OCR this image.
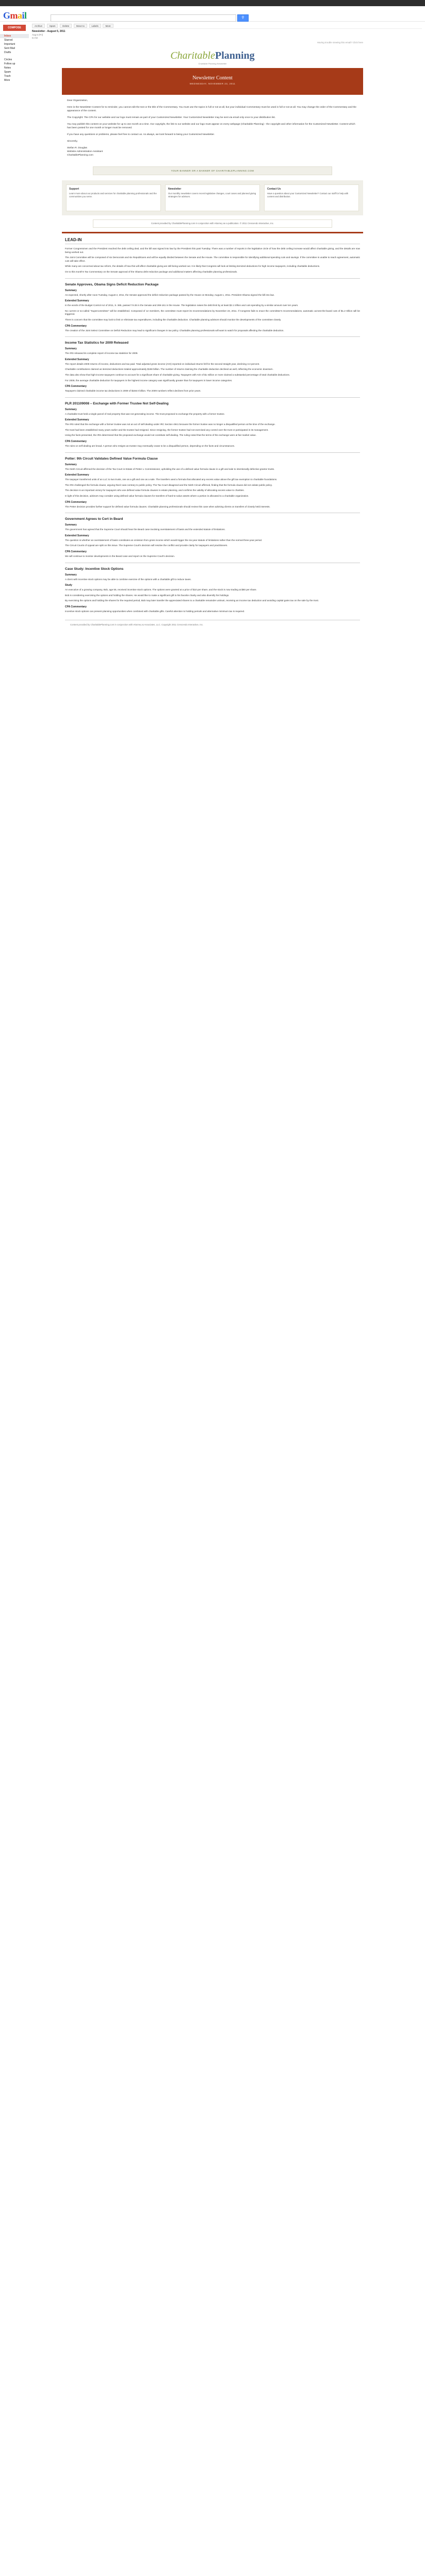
Gmail	⚲
COMPOSE
Inbox
Starred
Important
Sent Mail
Drafts
Circles
Follow up
Notes
Spam
Trash
More
Archive	Spam	Delete	Move to	Labels	More
Newsletter - August 5, 2011
Aug 5 (Fri)
to me
Having trouble viewing this email? Click here
CharitablePlanning
Charitable Planning Newsletter
Newsletter Content
WEDNESDAY, NOVEMBER 23, 2011

Dear Organization,

Here is the Newsletter Content for to reminder, you cannot edit the text or the title of the Commentary. You must use the topics in full or not at all, but your individual Commentary must be used in full or not at all. You may change the order of the Commentary and the appearance of the content.

The Copyright: The CPA for our website and our logo must remain as part of your Customized Newsletter. Your Customized Newsletter may be sent via email only once to your distribution list.

You may publish this content on your website for up to one month at a time. Our copyright, the link to our website and our logo must appear on every webpage (Charitable Planning) - the copyright and other information for the Customized Newsletter. Content which has been posted for one month or longer must be removed.

If you have any questions or problems, please feel free to contact us. As always, we look forward to being your Customized Newsletter.

Sincerely,

Stefan R. Douglas
Website Administration Assistant
CharitablePlanning.com
YOUR BANNER OR A BANNER OF CHARITABLEPLANNING.COM
Support
Learn more about our products and services for charitable planning professionals and the communities you serve.
Newsletter
Our monthly newsletter covers recent legislative changes, court cases and planned giving strategies for advisors.
Contact Us
Have a question about your Customized Newsletter? Contact our staff for help with content and distribution.
Content provided by CharitablePlanning.com in conjunction with Attorney as a publication. © 2011 Crescendo Interactive, Inc.
LEAD-IN
Former Congressmen and the President reached the debt ceiling deal, and the bill was signed into law by the President this past Tuesday. There was a number of reports in the legislative circle of how the debt ceiling increase would affect charitable giving, and the details are now being worked out.
The Joint Committee will be composed of six Democrats and six Republicans and will be equally divided between the Senate and the House. The committee is responsible for identifying additional spending cuts and savings. If the committee is unable to reach agreement, automatic cuts will take effect.
While many are concerned about tax reform, the details of how this will affect charitable giving are still being worked out. It is likely that Congress will look at limiting itemized deductions for high income taxpayers, including charitable deductions.
On to this month's Tax Commentary on the Senate approval of the Obama debt reduction package and additional matters affecting charitable planning professionals.
Senate Approves, Obama Signs Deficit Reduction Package
Summary
As expected, shortly after noon Tuesday, August 2, 2011, the Senate approved the deficit reduction package passed by the House on Monday, August 1, 2011. President Obama signed the bill into law.
Extended Summary
In the words of the Budget Control Act of 2011, S. 365, passed 74-26 in the Senate and 269-161 in the House. The legislation raises the debt limit by at least $2.1 trillion and cuts spending by a similar amount over ten years.
No current or so-called "Supercommittee" will be established. Composed of 12 members, the committee must report its recommendations by November 23, 2011. If Congress fails to enact the committee's recommendations, automatic across-the-board cuts of $1.2 trillion will be triggered.
There is concern that the committee may look to limit or eliminate tax expenditures, including the charitable deduction. Charitable planning advisors should monitor the developments of the committee closely.
CPA Commentary
The creation of the Joint Select Committee on Deficit Reduction may lead to significant changes in tax policy. Charitable planning professionals will want to watch for proposals affecting the charitable deduction.
Income Tax Statistics for 2009 Released
Summary
The IRS released its complete report of income tax statistics for 2009.
Extended Summary
The report details 2009 returns of income, deductions and tax paid. Total adjusted gross income (AGI) reported on individual returns fell for the second straight year, declining 3.3 percent.
Charitable contributions claimed as itemized deductions totaled approximately $158 billion. The number of returns claiming the charitable deduction declined as well, reflecting the economic downturn.
The data also show that high-income taxpayers continue to account for a significant share of charitable giving. Taxpayers with AGI of $1 million or more claimed a substantial percentage of total charitable deductions.
For 2009, the average charitable deduction for taxpayers in the highest income category was significantly greater than for taxpayers in lower income categories.
CPA Commentary
Taxpayers claimed charitable income tax deductions in 2009 of $158.0 billion. The 2009 numbers reflect declines from prior years.
PLR 201109008 – Exchange with Former Trustee Not Self-Dealing
Summary
A charitable trust held a single parcel of real property that was not generating income. The trust proposed to exchange the property with a former trustee.
Extended Summary
The IRS ruled that the exchange with a former trustee was not an act of self-dealing under IRC Section 4941 because the former trustee was no longer a disqualified person at the time of the exchange.
The trust had been established many years earlier and the trustee had resigned. Since resigning, the former trustee had not exercised any control over the trust or participated in its management.
Using the facts presented, the IRS determined that the proposed exchange would not constitute self-dealing. The ruling noted that the terms of the exchange were at fair market value.
CPA Commentary
The rules on self-dealing are broad. A person who resigns as trustee may eventually cease to be a disqualified person, depending on the facts and circumstances.
Potter: 9th Circuit Validates Defined Value Formula Clause
Summary
The Ninth Circuit affirmed the decision of the Tax Court in Estate of Petter v. Commissioner, upholding the use of a defined value formula clause in a gift and sale to intentionally defective grantor trusts.
Extended Summary
The taxpayer transferred units of an LLC to two trusts, one as a gift and one as a sale. The transfers used a formula that allocated any excess value above the gift tax exemption to charitable foundations.
The IRS challenged the formula clause, arguing that it was contrary to public policy. The Tax Court disagreed and the Ninth Circuit affirmed, finding that the formula clause did not violate public policy.
The decision is an important victory for taxpayers who use defined value formula clauses in estate planning, and confirms the validity of allocating excess value to charities.
In light of this decision, advisors may consider using defined value formula clauses for transfers of hard-to-value assets where a portion is allocated to a charitable organization.
CPA Commentary
The Petter decision provides further support for defined value formula clauses. Charitable planning professionals should review this case when advising clients on transfers of closely held interests.
Government Agrees to Cert in Beard
Summary
The government has agreed that the Supreme Court should hear the Beard case involving overstatement of basis and the extended statute of limitations.
Extended Summary
The question is whether an overstatement of basis constitutes an omission from gross income which would trigger the six-year statute of limitations rather than the normal three-year period.
The Circuit Courts of Appeal are split on this issue. The Supreme Court's decision will resolve the conflict and provide clarity for taxpayers and practitioners.
CPA Commentary
We will continue to monitor developments in the Beard case and report on the Supreme Court's decision.
Case Study: Incentive Stock Options
Summary
A client with incentive stock options may be able to combine exercise of the options with a charitable gift to reduce taxes.
Study
An executive of a growing company, Bob, age 55, received incentive stock options. The options were granted at a price of $10 per share, and the stock is now trading at $50 per share.
Bob is considering exercising the options and holding the shares. He would like to make a significant gift to his favorite charity and also diversify his holdings.
By exercising the options and holding the shares for the required period, Bob may later transfer the appreciated shares to a charitable remainder unitrust, receiving an income tax deduction and avoiding capital gains tax on the sale by the trust.
CPA Commentary
Incentive stock options can present planning opportunities when combined with charitable gifts. Careful attention to holding periods and alternative minimum tax is required.
Content provided by CharitablePlanning.com in conjunction with Attorney & Associates, LLC. Copyright 2011 Crescendo Interactive, Inc.
